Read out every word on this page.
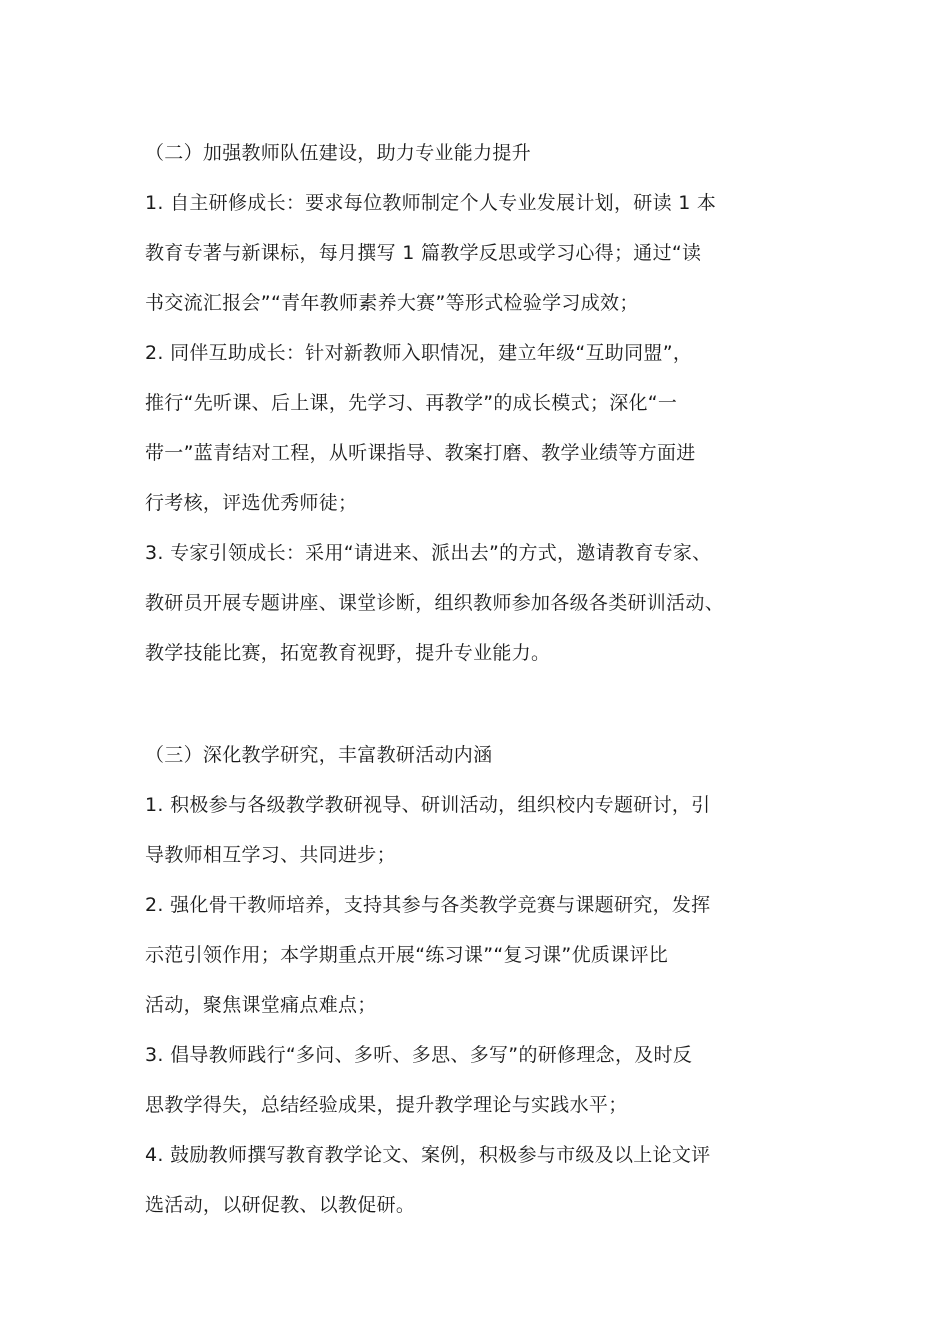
（二）加强教师队伍建设，助力专业能力提升

1. 自主研修成长：要求每位教师制定个人专业发展计划，研读 1 本

教育专著与新课标，每月撰写 1 篇教学反思或学习心得；通过“读

书交流汇报会”“青年教师素养大赛”等形式检验学习成效；

2. 同伴互助成长：针对新教师入职情况，建立年级“互助同盟”，

推行“先听课、后上课，先学习、再教学”的成长模式；深化“一

带一”蓝青结对工程，从听课指导、教案打磨、教学业绩等方面进

行考核，评选优秀师徒；

3. 专家引领成长：采用“请进来、派出去”的方式，邀请教育专家、

教研员开展专题讲座、课堂诊断，组织教师参加各级各类研训活动、

教学技能比赛，拓宽教育视野，提升专业能力。

（三）深化教学研究，丰富教研活动内涵

1. 积极参与各级教学教研视导、研训活动，组织校内专题研讨，引

导教师相互学习、共同进步；

2. 强化骨干教师培养，支持其参与各类教学竞赛与课题研究，发挥

示范引领作用；本学期重点开展“练习课”“复习课”优质课评比

活动，聚焦课堂痛点难点；

3. 倡导教师践行“多问、多听、多思、多写”的研修理念，及时反

思教学得失，总结经验成果，提升教学理论与实践水平；

4. 鼓励教师撰写教育教学论文、案例，积极参与市级及以上论文评

选活动，以研促教、以教促研。
